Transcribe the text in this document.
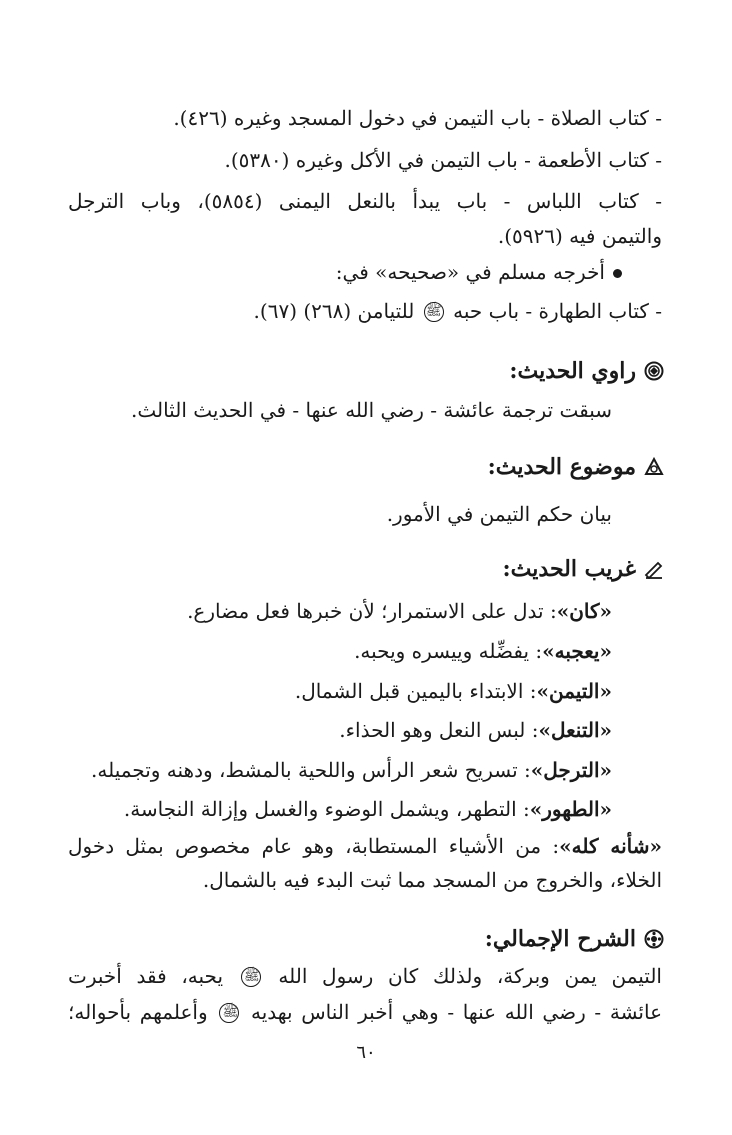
- كتاب الصلاة - باب التيمن في دخول المسجد وغيره (٤٢٦).
- كتاب الأطعمة - باب التيمن في الأكل وغيره (٥٣٨٠).
- كتاب اللباس - باب يبدأ بالنعل اليمنى (٥٨٥٤)، وباب الترجل
والتيمن فيه (٥٩٢٦).
أخرجه مسلم في «صحيحه» في:
- كتاب الطهارة - باب حبه ﷺ للتيامن (٢٦٨) (٦٧).
راوي الحديث:
سبقت ترجمة عائشة - رضي الله عنها - في الحديث الثالث.
موضوع الحديث:
بيان حكم التيمن في الأمور.
غريب الحديث:
«كان»: تدل على الاستمرار؛ لأن خبرها فعل مضارع.
«يعجبه»: يفضِّله وييسره ويحبه.
«التيمن»: الابتداء باليمين قبل الشمال.
«التنعل»: لبس النعل وهو الحذاء.
«الترجل»: تسريح شعر الرأس واللحية بالمشط، ودهنه وتجميله.
«الطهور»: التطهر، ويشمل الوضوء والغسل وإزالة النجاسة.
«شأنه كله»: من الأشياء المستطابة، وهو عام مخصوص بمثل دخول
الخلاء، والخروج من المسجد مما ثبت البدء فيه بالشمال.
الشرح الإجمالي:
التيمن يمن وبركة، ولذلك كان رسول الله ﷺ يحبه، فقد أخبرت
عائشة - رضي الله عنها - وهي أخبر الناس بهديه ﷺ وأعلمهم بأحواله؛
٦٠
